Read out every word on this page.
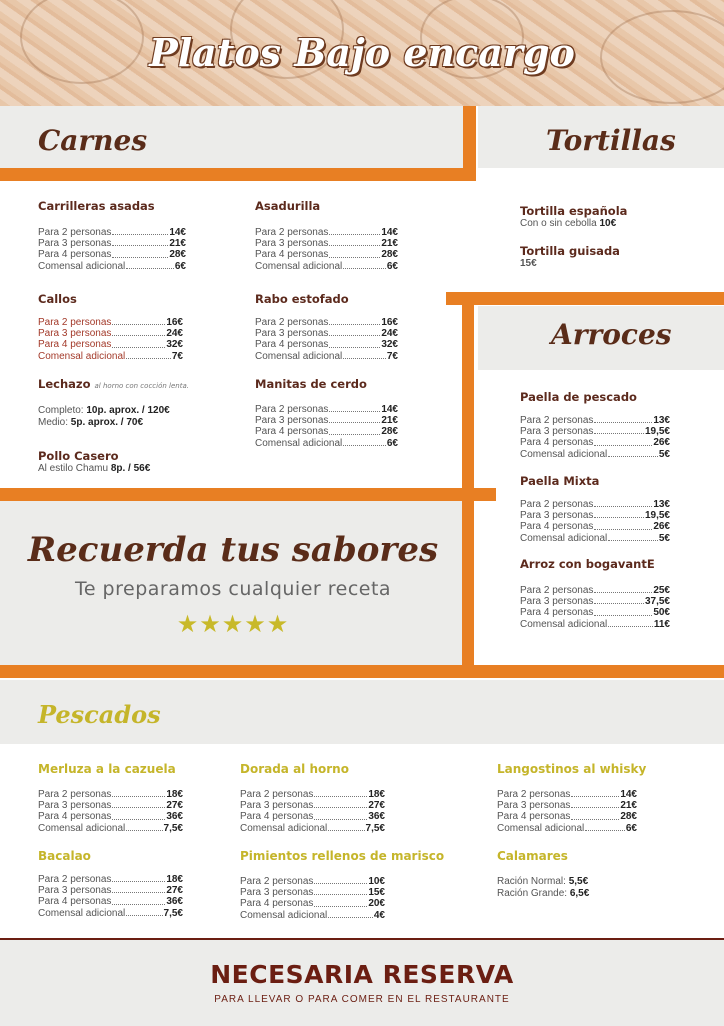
Platos Bajo encargo
Carnes	Tortillas
Arroces
Pescados
Carrilleras asadas
Para 2 personas	14€
Para 3 personas	21€
Para 4 personas	28€
Comensal adicional	6€
Asadurilla
Para 2 personas	14€
Para 3 personas	21€
Para 4 personas	28€
Comensal adicional	6€
Callos
Para 2 personas	16€
Para 3 personas	24€
Para 4 personas	32€
Comensal adicional	7€
Rabo estofado
Para 2 personas	16€
Para 3 personas	24€
Para 4 personas	32€
Comensal adicional	7€
Lechazo al horno con cocción lenta.
Completo: 10p. aprox. / 120€
Medio: 5p. aprox. / 70€
Manitas de cerdo
Para 2 personas	14€
Para 3 personas	21€
Para 4 personas	28€
Comensal adicional	6€
Pollo Casero
Al estilo Chamu 8p. / 56€
Tortilla española
Con o sin cebolla 10€
Tortilla guisada
15€
Recuerda tus sabores
Te preparamos cualquier receta
★★★★★
Paella de pescado
Para 2 personas	13€
Para 3 personas	19,5€
Para 4 personas	26€
Comensal adicional	5€
Paella Mixta
Para 2 personas	13€
Para 3 personas	19,5€
Para 4 personas	26€
Comensal adicional	5€
Arroz con bogavantE
Para 2 personas	25€
Para 3 personas	37,5€
Para 4 personas	50€
Comensal adicional	11€
Merluza a la cazuela
Para 2 personas	18€
Para 3 personas	27€
Para 4 personas	36€
Comensal adicional	7,5€
Dorada al horno
Para 2 personas	18€
Para 3 personas	27€
Para 4 personas	36€
Comensal adicional	7,5€
Langostinos al whisky
Para 2 personas	14€
Para 3 personas	21€
Para 4 personas	28€
Comensal adicional	6€
Bacalao
Para 2 personas	18€
Para 3 personas	27€
Para 4 personas	36€
Comensal adicional	7,5€
Pimientos rellenos de marisco
Para 2 personas	10€
Para 3 personas	15€
Para 4 personas	20€
Comensal adicional	4€
Calamares
Ración Normal: 5,5€
Ración Grande: 6,5€
NECESARIA RESERVA
PARA LLEVAR O PARA COMER EN EL RESTAURANTE
